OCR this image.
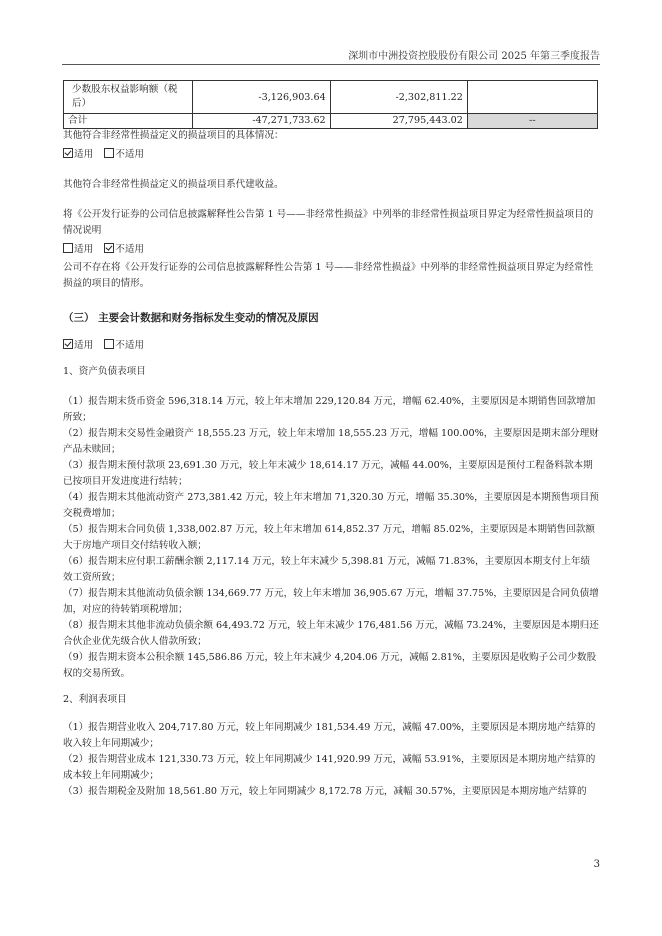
深圳市中洲投资控股股份有限公司 2025 年第三季度报告
少数股东权益影响额（税后）	-3,126,903.64	-2,302,811.22	
合计	-47,271,733.62	27,795,443.02	--

其他符合非经常性损益定义的损益项目的具体情况：

适用 不适用

其他符合非经常性损益定义的损益项目系代建收益。

将《公开发行证券的公司信息披露解释性公告第 1 号——非经常性损益》中列举的非经常性损益项目界定为经常性损益项目的情况说明

适用 不适用

公司不存在将《公开发行证券的公司信息披露解释性公告第 1 号——非经常性损益》中列举的非经常性损益项目界定为经常性损益的项目的情形。

（三） 主要会计数据和财务指标发生变动的情况及原因

适用 不适用

1、资产负债表项目

（1）报告期末货币资金 596,318.14 万元，较上年末增加 229,120.84 万元，增幅 62.40%，主要原因是本期销售回款增加所致；

（2）报告期末交易性金融资产 18,555.23 万元，较上年末增加 18,555.23 万元，增幅 100.00%，主要原因是期末部分理财产品未赎回；

（3）报告期末预付款项 23,691.30 万元，较上年末减少 18,614.17 万元，减幅 44.00%，主要原因是预付工程备料款本期已按项目开发进度进行结转；

（4）报告期末其他流动资产 273,381.42 万元，较上年末增加 71,320.30 万元，增幅 35.30%，主要原因是本期预售项目预交税费增加；

（5）报告期末合同负债 1,338,002.87 万元，较上年末增加 614,852.37 万元，增幅 85.02%，主要原因是本期销售回款额大于房地产项目交付结转收入额；

（6）报告期末应付职工薪酬余额 2,117.14 万元，较上年末减少 5,398.81 万元，减幅 71.83%，主要原因本期支付上年绩效工资所致；

（7）报告期末其他流动负债余额 134,669.77 万元，较上年末增加 36,905.67 万元，增幅 37.75%，主要原因是合同负债增加，对应的待转销项税增加；

（8）报告期末其他非流动负债余额 64,493.72 万元，较上年末减少 176,481.56 万元，减幅 73.24%，主要原因是本期归还合伙企业优先级合伙人借款所致；

（9）报告期末资本公积余额 145,586.86 万元，较上年末减少 4,204.06 万元，减幅 2.81%，主要原因是收购子公司少数股权的交易所致。

2、利润表项目

（1）报告期营业收入 204,717.80 万元，较上年同期减少 181,534.49 万元，减幅 47.00%，主要原因是本期房地产结算的收入较上年同期减少；

（2）报告期营业成本 121,330.73 万元，较上年同期减少 141,920.99 万元，减幅 53.91%，主要原因是本期房地产结算的成本较上年同期减少；

（3）报告期税金及附加 18,561.80 万元，较上年同期减少 8,172.78 万元，减幅 30.57%，主要原因是本期房地产结算的

3
